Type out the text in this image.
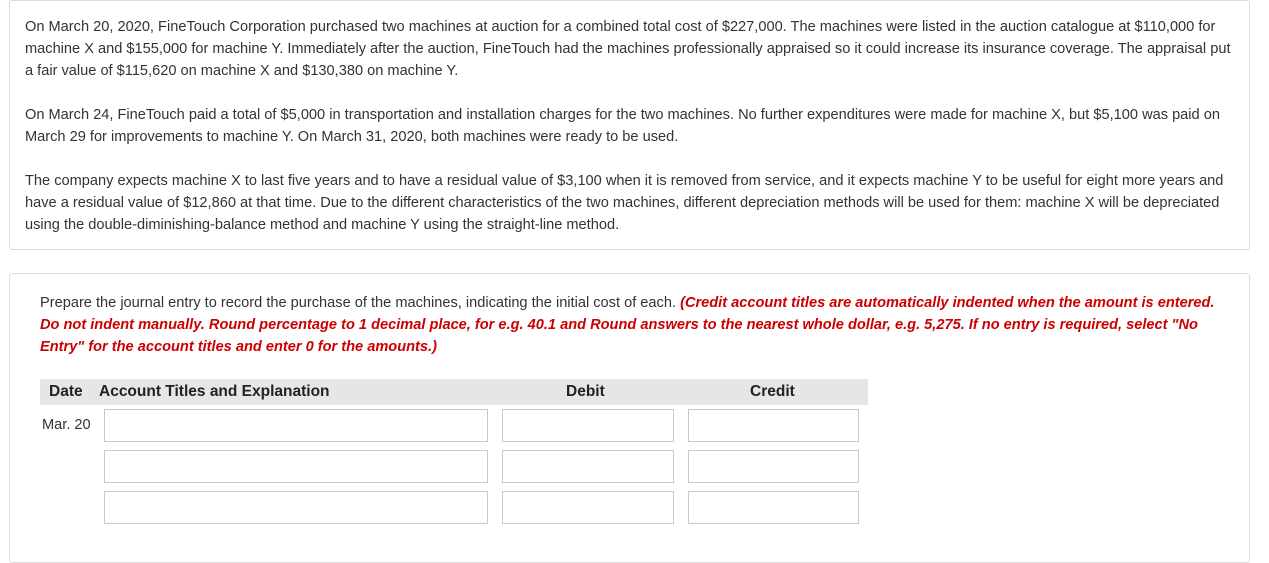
On March 20, 2020, FineTouch Corporation purchased two machines at auction for a combined total cost of $227,000. The machines were listed in the auction catalogue at $110,000 for machine X and $155,000 for machine Y. Immediately after the auction, FineTouch had the machines professionally appraised so it could increase its insurance coverage. The appraisal put a fair value of $115,620 on machine X and $130,380 on machine Y.

On March 24, FineTouch paid a total of $5,000 in transportation and installation charges for the two machines. No further expenditures were made for machine X, but $5,100 was paid on March 29 for improvements to machine Y. On March 31, 2020, both machines were ready to be used.

The company expects machine X to last five years and to have a residual value of $3,100 when it is removed from service, and it expects machine Y to be useful for eight more years and have a residual value of $12,860 at that time. Due to the different characteristics of the two machines, different depreciation methods will be used for them: machine X will be depreciated using the double-diminishing-balance method and machine Y using the straight-line method.

Prepare the journal entry to record the purchase of the machines, indicating the initial cost of each. (Credit account titles are automatically indented when the amount is entered. Do not indent manually. Round percentage to 1 decimal place, for e.g. 40.1 and Round answers to the nearest whole dollar, e.g. 5,275. If no entry is required, select "No Entry" for the account titles and enter 0 for the amounts.)

Date Account Titles and Explanation	Debit	Credit
Mar. 20
